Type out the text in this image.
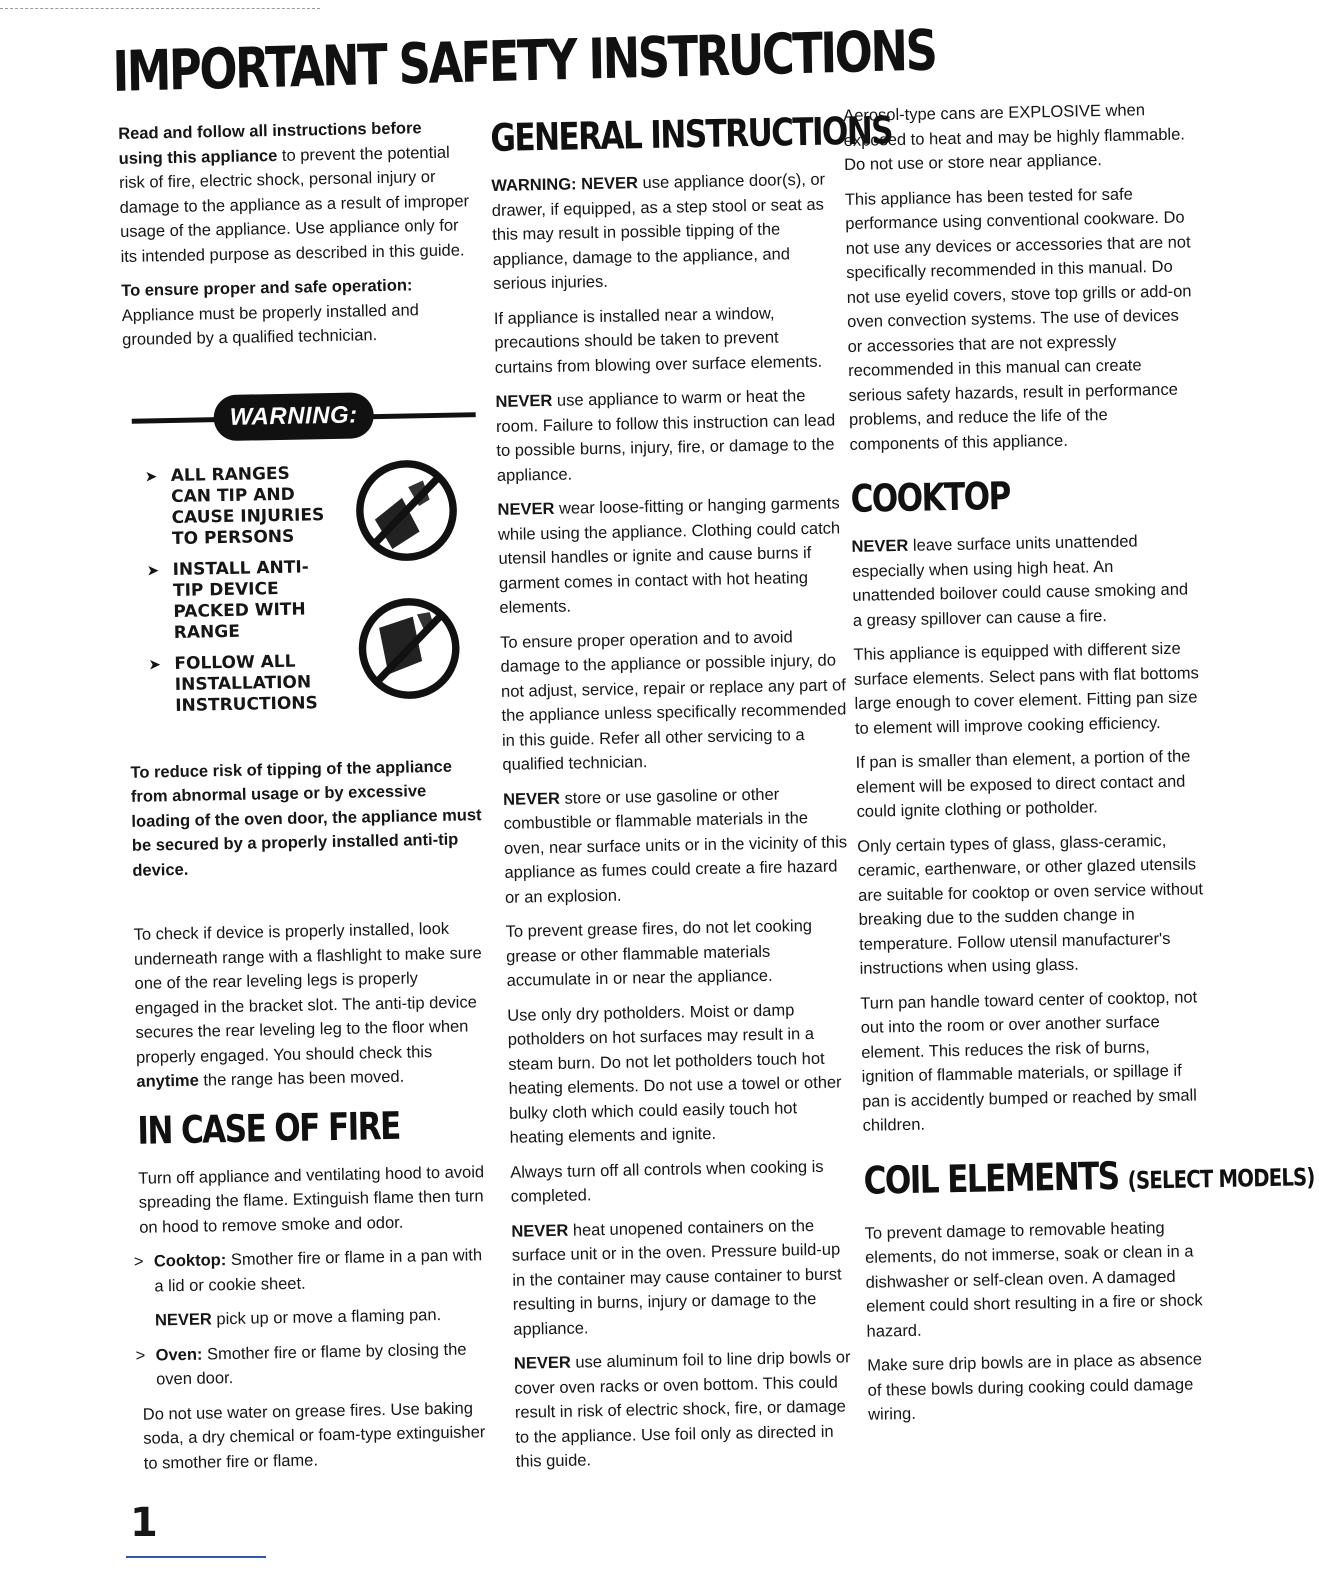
IMPORTANT SAFETY INSTRUCTIONS

Read and follow all instructions before using this appliance to prevent the potential risk of fire, electric shock, personal injury or damage to the appliance as a result of improper usage of the appliance. Use appliance only for its intended purpose as described in this guide.

To ensure proper and safe operation: Appliance must be properly installed and grounded by a qualified technician.

WARNING:
➤ ALL RANGES CAN TIP AND CAUSE INJURIES TO PERSONS
➤ INSTALL ANTI-TIP DEVICE PACKED WITH RANGE
➤ FOLLOW ALL INSTALLATION INSTRUCTIONS

To reduce risk of tipping of the appliance from abnormal usage or by excessive loading of the oven door, the appliance must be secured by a properly installed anti-tip device.

To check if device is properly installed, look underneath range with a flashlight to make sure one of the rear leveling legs is properly engaged in the bracket slot. The anti-tip device secures the rear leveling leg to the floor when properly engaged. You should check this anytime the range has been moved.

IN CASE OF FIRE

Turn off appliance and ventilating hood to avoid spreading the flame. Extinguish flame then turn on hood to remove smoke and odor.

> Cooktop: Smother fire or flame in a pan with a lid or cookie sheet.

NEVER pick up or move a flaming pan.

> Oven: Smother fire or flame by closing the oven door.

Do not use water on grease fires. Use baking soda, a dry chemical or foam-type extinguisher to smother fire or flame.

GENERAL INSTRUCTIONS

WARNING: NEVER use appliance door(s), or drawer, if equipped, as a step stool or seat as this may result in possible tipping of the appliance, damage to the appliance, and serious injuries.

If appliance is installed near a window, precautions should be taken to prevent curtains from blowing over surface elements.

NEVER use appliance to warm or heat the room. Failure to follow this instruction can lead to possible burns, injury, fire, or damage to the appliance.

NEVER wear loose-fitting or hanging garments while using the appliance. Clothing could catch utensil handles or ignite and cause burns if garment comes in contact with hot heating elements.

To ensure proper operation and to avoid damage to the appliance or possible injury, do not adjust, service, repair or replace any part of the appliance unless specifically recommended in this guide. Refer all other servicing to a qualified technician.

NEVER store or use gasoline or other combustible or flammable materials in the oven, near surface units or in the vicinity of this appliance as fumes could create a fire hazard or an explosion.

To prevent grease fires, do not let cooking grease or other flammable materials accumulate in or near the appliance.

Use only dry potholders. Moist or damp potholders on hot surfaces may result in a steam burn. Do not let potholders touch hot heating elements. Do not use a towel or other bulky cloth which could easily touch hot heating elements and ignite.

Always turn off all controls when cooking is completed.

NEVER heat unopened containers on the surface unit or in the oven. Pressure build-up in the container may cause container to burst resulting in burns, injury or damage to the appliance.

NEVER use aluminum foil to line drip bowls or cover oven racks or oven bottom. This could result in risk of electric shock, fire, or damage to the appliance. Use foil only as directed in this guide.

Aerosol-type cans are EXPLOSIVE when exposed to heat and may be highly flammable. Do not use or store near appliance.

This appliance has been tested for safe performance using conventional cookware. Do not use any devices or accessories that are not specifically recommended in this manual. Do not use eyelid covers, stove top grills or add-on oven convection systems. The use of devices or accessories that are not expressly recommended in this manual can create serious safety hazards, result in performance problems, and reduce the life of the components of this appliance.

COOKTOP

NEVER leave surface units unattended especially when using high heat. An unattended boilover could cause smoking and a greasy spillover can cause a fire.

This appliance is equipped with different size surface elements. Select pans with flat bottoms large enough to cover element. Fitting pan size to element will improve cooking efficiency.

If pan is smaller than element, a portion of the element will be exposed to direct contact and could ignite clothing or potholder.

Only certain types of glass, glass-ceramic, ceramic, earthenware, or other glazed utensils are suitable for cooktop or oven service without breaking due to the sudden change in temperature. Follow utensil manufacturer's instructions when using glass.

Turn pan handle toward center of cooktop, not out into the room or over another surface element. This reduces the risk of burns, ignition of flammable materials, or spillage if pan is accidently bumped or reached by small children.

COIL ELEMENTS (SELECT MODELS)

To prevent damage to removable heating elements, do not immerse, soak or clean in a dishwasher or self-clean oven. A damaged element could short resulting in a fire or shock hazard.

Make sure drip bowls are in place as absence of these bowls during cooking could damage wiring.

1
